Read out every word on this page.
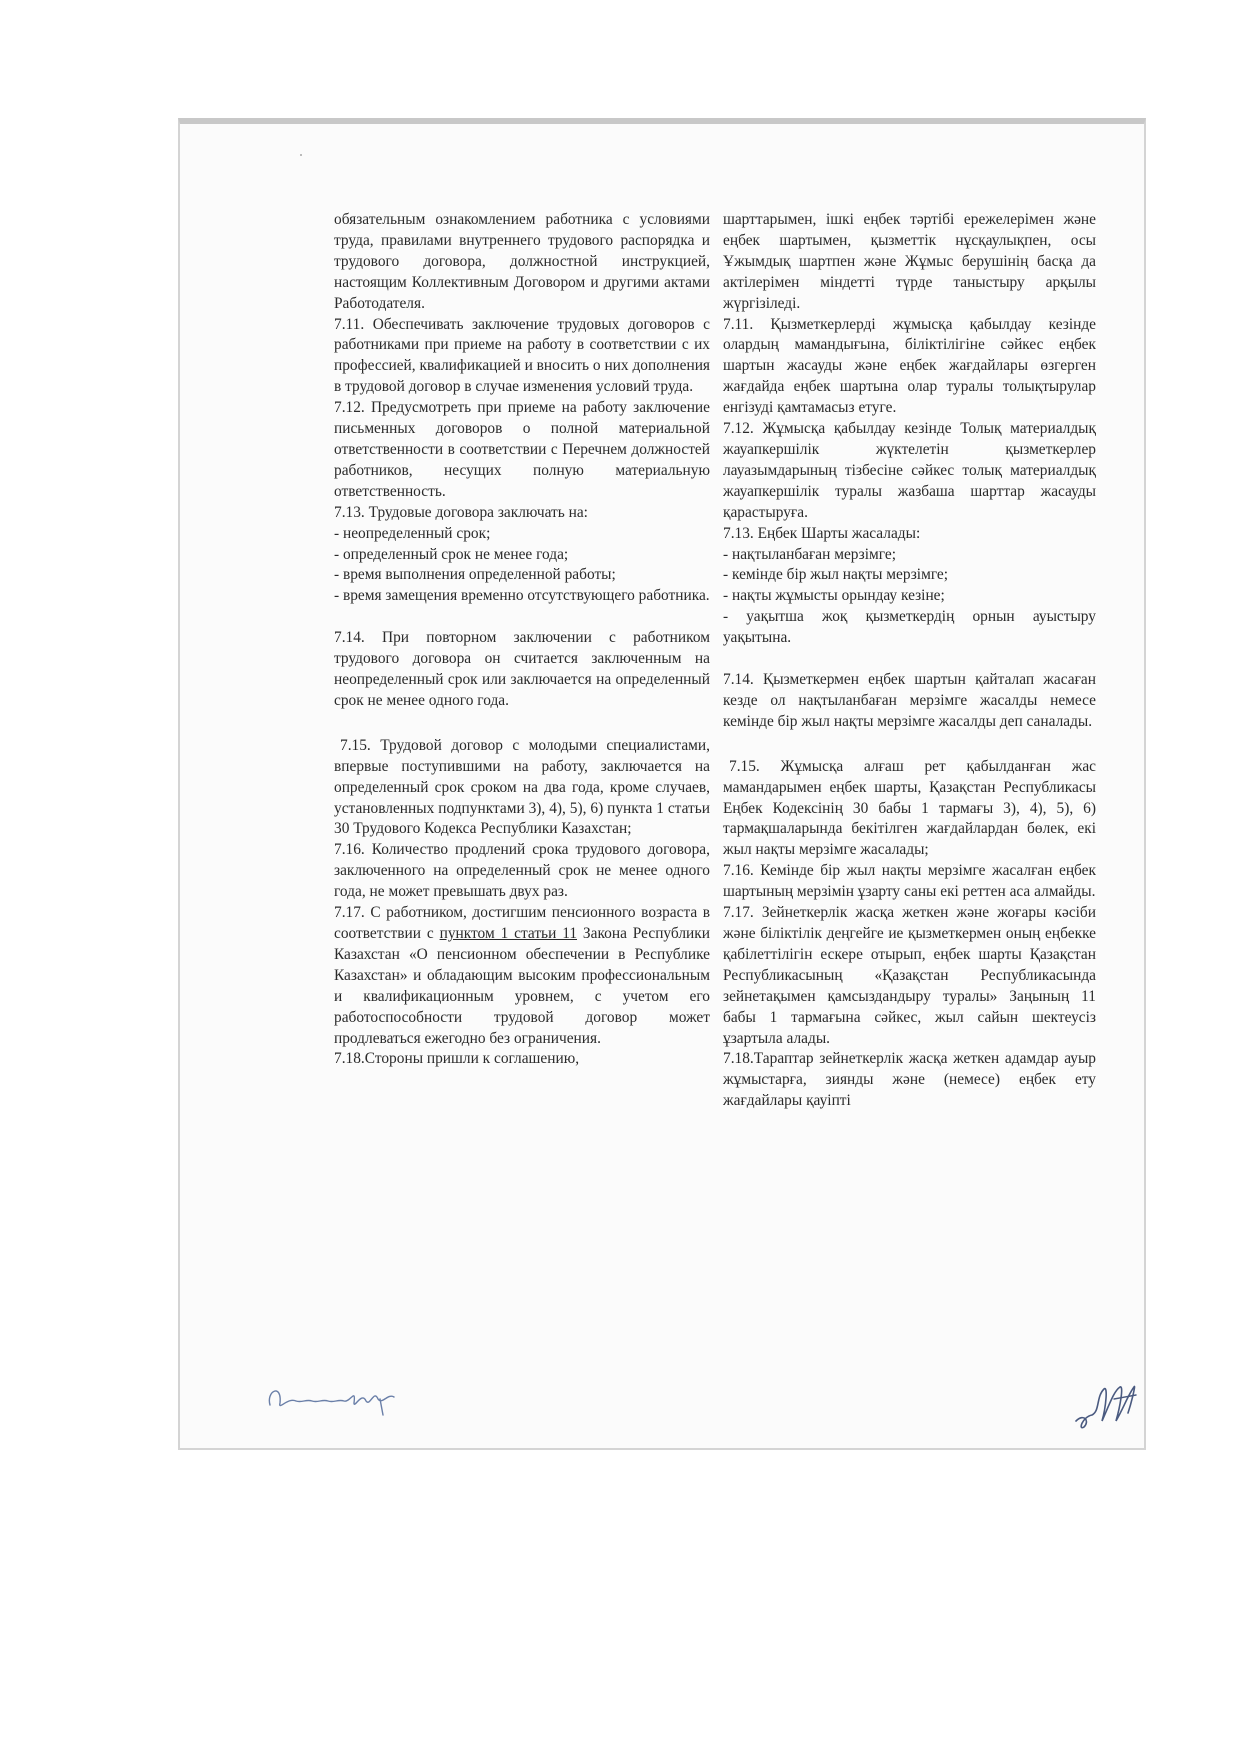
обязательным ознакомлением работника с условиями труда, правилами внутреннего трудового распорядка и трудового договора, должностной инструкцией, настоящим Коллективным Договором и другими актами Работодателя.

7.11. Обеспечивать заключение трудовых договоров с работниками при приеме на работу в соответствии с их профессией, квалификацией и вносить о них дополнения в трудовой договор в случае изменения условий труда.

7.12. Предусмотреть при приеме на работу заключение письменных договоров о полной материальной ответственности в соответствии с Перечнем должностей работников, несущих полную материальную ответственность.

7.13. Трудовые договора заключать на:

- неопределенный срок;

- определенный срок не менее года;

- время выполнения определенной работы;

- время замещения временно отсутствующего работника.

7.14. При повторном заключении с работником трудового договора он считается заключенным на неопределенный срок или заключается на определенный срок не менее одного года.

7.15. Трудовой договор с молодыми специалистами, впервые поступившими на работу, заключается на определенный срок сроком на два года, кроме случаев, установленных подпунктами 3), 4), 5), 6) пункта 1 статьи 30 Трудового Кодекса Республики Казахстан;

7.16. Количество продлений срока трудового договора, заключенного на определенный срок не менее одного года, не может превышать двух раз.

7.17. С работником, достигшим пенсионного возраста в соответствии с пунктом 1 статьи 11 Закона Республики Казахстан «О пенсионном обеспечении в Республике Казахстан» и обладающим высоким профессиональным и квалификационным уровнем, с учетом его работоспособности трудовой договор может продлеваться ежегодно без ограничения.

7.18.Стороны пришли к соглашению,

шарттарымен, ішкі еңбек тәртібі ережелерімен және еңбек шартымен, қызметтік нұсқаулықпен, осы Ұжымдық шартпен және Жұмыс берушінің басқа да актілерімен міндетті түрде таныстыру арқылы жүргізіледі.

7.11. Қызметкерлерді жұмысқа қабылдау кезінде олардың мамандығына, біліктілігіне сәйкес еңбек шартын жасауды және еңбек жағдайлары өзгерген жағдайда еңбек шартына олар туралы толықтырулар енгізуді қамтамасыз етуге.

7.12. Жұмысқа қабылдау кезінде Толық материалдық жауапкершілік жүктелетін қызметкерлер лауазымдарының тізбесіне сәйкес толық материалдық жауапкершілік туралы жазбаша шарттар жасауды қарастыруға.

7.13. Еңбек Шарты жасалады:

- нақтыланбаған мерзімге;

- кемінде бір жыл нақты мерзімге;

- нақты жұмысты орындау кезіне;

- уақытша жоқ қызметкердің орнын ауыстыру уақытына.

7.14. Қызметкермен еңбек шартын қайталап жасаған кезде ол нақтыланбаған мерзімге жасалды немесе кемінде бір жыл нақты мерзімге жасалды деп саналады.

7.15. Жұмысқа алғаш рет қабылданған жас мамандарымен еңбек шарты, Қазақстан Республикасы Еңбек Кодексінің 30 бабы 1 тармағы 3), 4), 5), 6) тармақшаларында бекітілген жағдайлардан бөлек, екі жыл нақты мерзімге жасалады;

7.16. Кемінде бір жыл нақты мерзімге жасалған еңбек шартының мерзімін ұзарту саны екі реттен аса алмайды.

7.17. Зейнеткерлік жасқа жеткен және жоғары кәсіби және біліктілік деңгейге ие қызметкермен оның еңбекке қабілеттілігін ескере отырып, еңбек шарты Қазақстан Республикасының «Қазақстан Республикасында зейнетақымен қамсыздандыру туралы» Заңының 11 бабы 1 тармағына сәйкес, жыл сайын шектеусіз ұзартыла алады.

7.18.Тараптар зейнеткерлік жасқа жеткен адамдар ауыр жұмыстарға, зиянды және (немесе) еңбек ету жағдайлары қауіпті
